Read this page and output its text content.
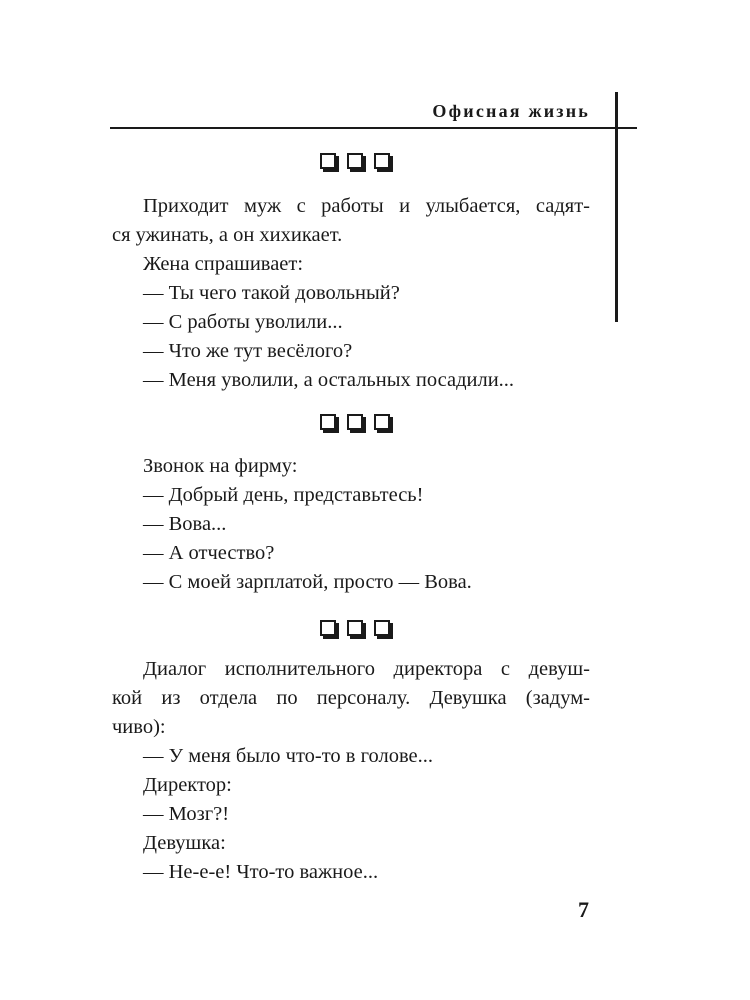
Офисная жизнь
Приходит муж с работы и улыбается, садят-
ся ужинать, а он хихикает.
Жена спрашивает:
— Ты чего такой довольный?
— С работы уволили...
— Что же тут весёлого?
— Меня уволили, а остальных посадили...
Звонок на фирму:
— Добрый день, представьтесь!
— Вова...
— А отчество?
— С моей зарплатой, просто — Вова.
Диалог исполнительного директора с девуш-
кой из отдела по персоналу. Девушка (задум-
чиво):
— У меня было что-то в голове...
Директор:
— Мозг?!
Девушка:
— Не-е-е! Что-то важное...
7
